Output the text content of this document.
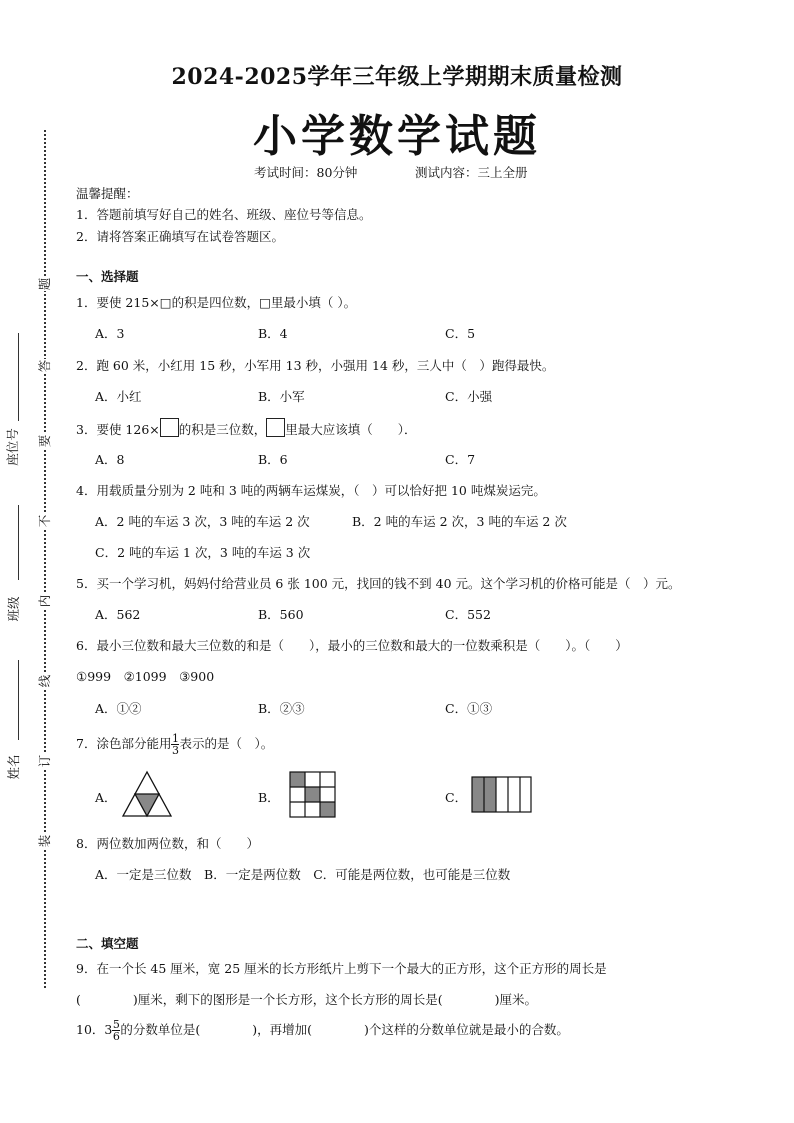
题
答
要
不
内
线
订
装
座位号
班级
姓名
2024-2025学年三年级上学期期末质量检测
小学数学试题
考试时间：80分钟	测试内容：三上全册
温馨提醒：
1．答题前填写好自己的姓名、班级、座位号等信息。
2．请将答案正确填写在试卷答题区。
一、选择题
1．要使 215×□的积是四位数，□里最小填（ ）。
A．3	B．4	C．5
2．跑 60 米，小红用 15 秒，小军用 13 秒，小强用 14 秒，三人中（　）跑得最快。
A．小红	B．小军	C．小强
3．要使 126× 的积是三位数， 里最大应该填（　　）．
A．8	B．6	C．7
4．用载质量分别为 2 吨和 3 吨的两辆车运煤炭，（　）可以恰好把 10 吨煤炭运完。
A．2 吨的车运 3 次，3 吨的车运 2 次	B．2 吨的车运 2 次，3 吨的车运 2 次
C．2 吨的车运 1 次，3 吨的车运 3 次
5．买一个学习机，妈妈付给营业员 6 张 100 元，找回的钱不到 40 元。这个学习机的价格可能是（　）元。
A．562	B．560	C．552
6．最小三位数和最大三位数的和是（　　），最小的三位数和最大的一位数乘积是（　　）。（　　）
①999　②1099　③900
A．①②	B．②③	C．①③
7．涂色部分能用 $\frac{1}{3}$ 表示的是（　）。
A．	B．	C．
8．两位数加两位数，和（　　）
A．一定是三位数　B．一定是两位数　C．可能是两位数，也可能是三位数
二、填空题
9．在一个长 45 厘米，宽 25 厘米的长方形纸片上剪下一个最大的正方形，这个正方形的周长是
(	)厘米，剩下的图形是一个长方形，这个长方形的周长是(	)厘米。
10．$3 \frac{5}{6}$ 的分数单位是(	)，再增加(	)个这样的分数单位就是最小的合数。
